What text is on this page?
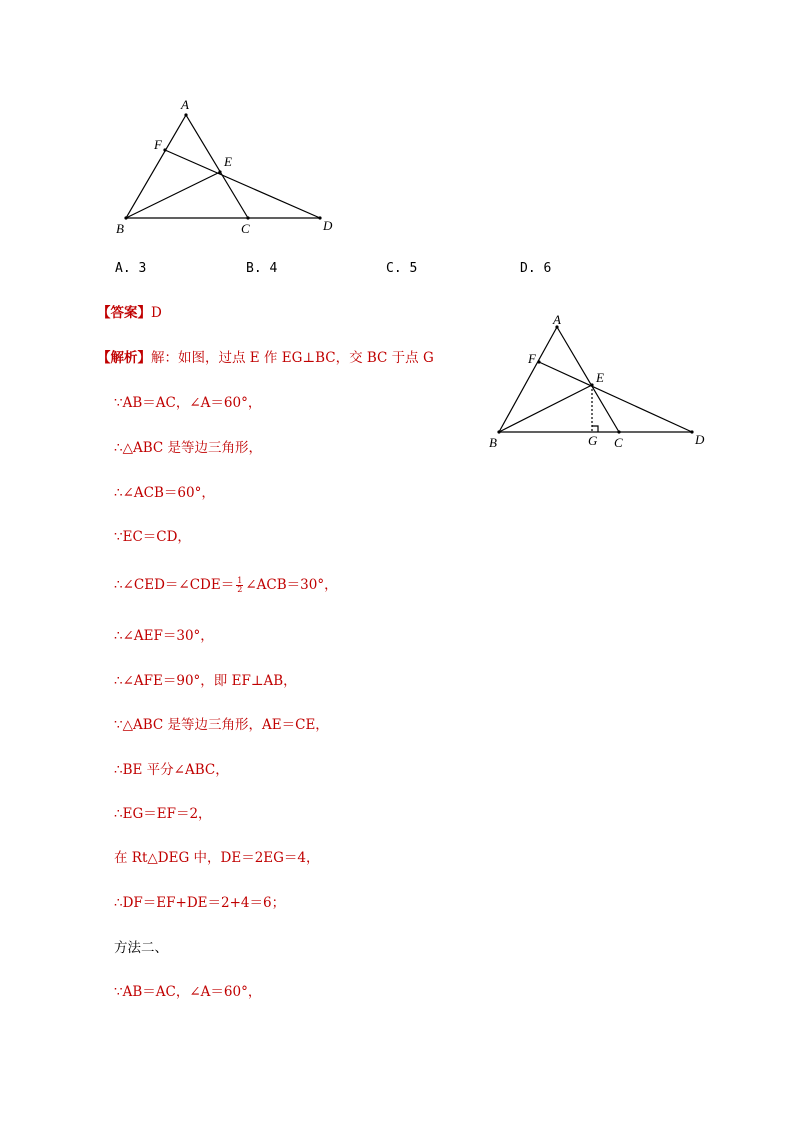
A
F
E
B	C	D
A. 3	B. 4	C. 5	D. 6
【答案】D
【解析】解：如图，过点 E 作 EG⊥BC，交 BC 于点 G
A
F
E
B	G C	D
∵AB＝AC，∠A＝60°，
∴△ABC 是等边三角形，
∴∠ACB＝60°，
∵EC＝CD，
∴∠CED＝∠CDE＝ $\frac{1}{2}$ ∠ACB＝30°，
∴∠AEF＝30°，
∴∠AFE＝90°，即 EF⊥AB，
∵△ABC 是等边三角形，AE＝CE，
∴BE 平分∠ABC，
∴EG＝EF＝2，
在 Rt△DEG 中，DE＝2EG＝4，
∴DF＝EF+DE＝2+4＝6；
方法二、
∵AB＝AC，∠A＝60°，
